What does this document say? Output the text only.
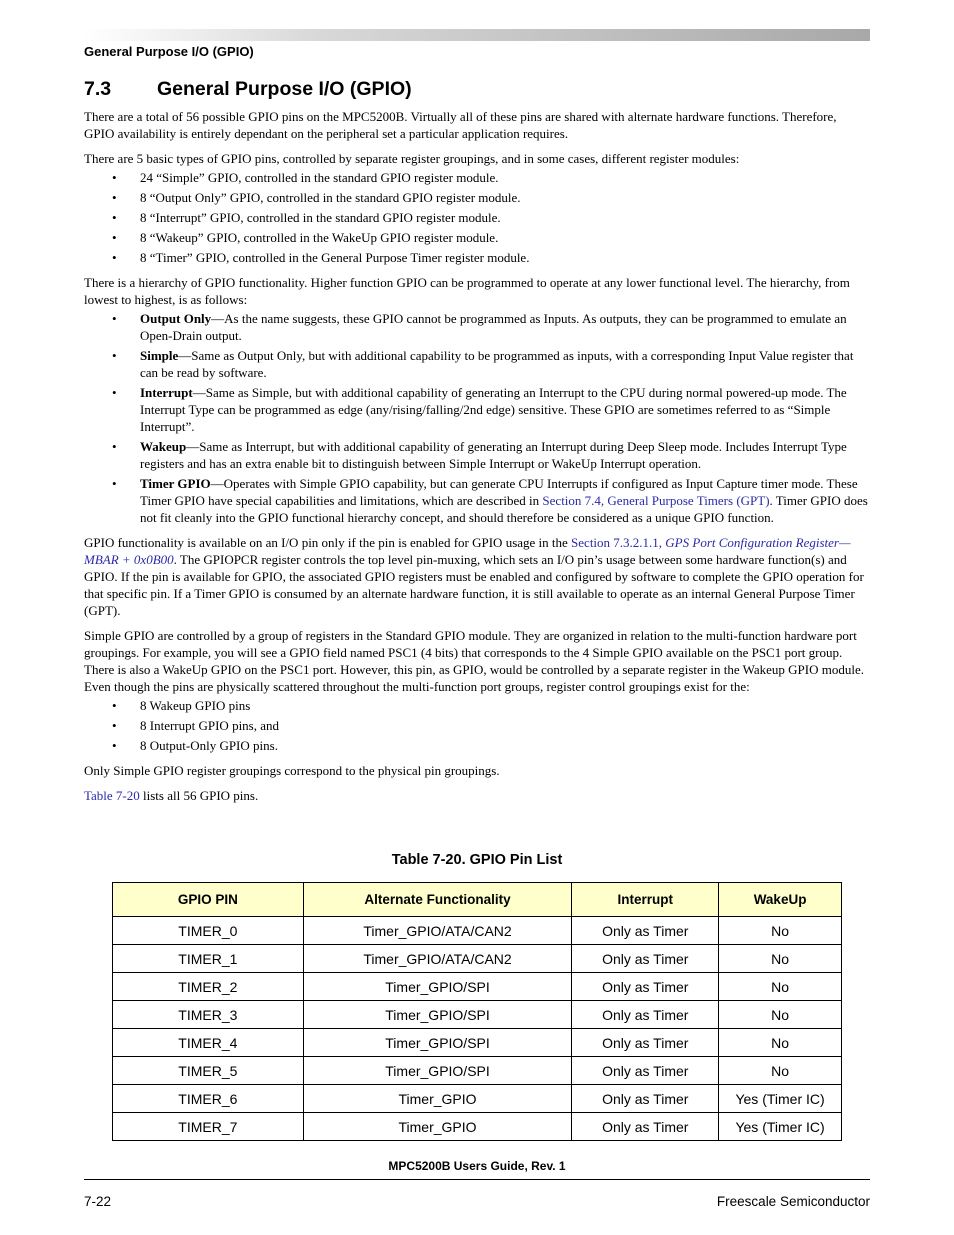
General Purpose I/O (GPIO)
7.3 General Purpose I/O (GPIO)

There are a total of 56 possible GPIO pins on the MPC5200B. Virtually all of these pins are shared with alternate hardware functions. Therefore, GPIO availability is entirely dependant on the peripheral set a particular application requires.

There are 5 basic types of GPIO pins, controlled by separate register groupings, and in some cases, different register modules:

• 24 “Simple” GPIO, controlled in the standard GPIO register module.
• 8 “Output Only” GPIO, controlled in the standard GPIO register module.
• 8 “Interrupt” GPIO, controlled in the standard GPIO register module.
• 8 “Wakeup” GPIO, controlled in the WakeUp GPIO register module.
• 8 “Timer” GPIO, controlled in the General Purpose Timer register module.

There is a hierarchy of GPIO functionality. Higher function GPIO can be programmed to operate at any lower functional level. The hierarchy, from lowest to highest, is as follows:

• Output Only—As the name suggests, these GPIO cannot be programmed as Inputs. As outputs, they can be programmed to emulate an Open-Drain output.
• Simple—Same as Output Only, but with additional capability to be programmed as inputs, with a corresponding Input Value register that can be read by software.
• Interrupt—Same as Simple, but with additional capability of generating an Interrupt to the CPU during normal powered-up mode. The Interrupt Type can be programmed as edge (any/rising/falling/2nd edge) sensitive. These GPIO are sometimes referred to as “Simple Interrupt”.
• Wakeup—Same as Interrupt, but with additional capability of generating an Interrupt during Deep Sleep mode. Includes Interrupt Type registers and has an extra enable bit to distinguish between Simple Interrupt or WakeUp Interrupt operation.
• Timer GPIO—Operates with Simple GPIO capability, but can generate CPU Interrupts if configured as Input Capture timer mode. These Timer GPIO have special capabilities and limitations, which are described in Section 7.4, General Purpose Timers (GPT). Timer GPIO does not fit cleanly into the GPIO functional hierarchy concept, and should therefore be considered as a unique GPIO function.

GPIO functionality is available on an I/O pin only if the pin is enabled for GPIO usage in the Section 7.3.2.1.1, GPS Port Configuration Register—MBAR + 0x0B00. The GPIOPCR register controls the top level pin-muxing, which sets an I/O pin’s usage between some hardware function(s) and GPIO. If the pin is available for GPIO, the associated GPIO registers must be enabled and configured by software to complete the GPIO operation for that specific pin. If a Timer GPIO is consumed by an alternate hardware function, it is still available to operate as an internal General Purpose Timer (GPT).

Simple GPIO are controlled by a group of registers in the Standard GPIO module. They are organized in relation to the multi-function hardware port groupings. For example, you will see a GPIO field named PSC1 (4 bits) that corresponds to the 4 Simple GPIO available on the PSC1 port group. There is also a WakeUp GPIO on the PSC1 port. However, this pin, as GPIO, would be controlled by a separate register in the Wakeup GPIO module. Even though the pins are physically scattered throughout the multi-function port groups, register control groupings exist for the:

• 8 Wakeup GPIO pins
• 8 Interrupt GPIO pins, and
• 8 Output-Only GPIO pins.

Only Simple GPIO register groupings correspond to the physical pin groupings.

Table 7-20 lists all 56 GPIO pins.

Table 7-20. GPIO Pin List
GPIO PIN	Alternate Functionality	Interrupt	WakeUp
TIMER_0	Timer_GPIO/ATA/CAN2	Only as Timer	No
TIMER_1	Timer_GPIO/ATA/CAN2	Only as Timer	No
TIMER_2	Timer_GPIO/SPI	Only as Timer	No
TIMER_3	Timer_GPIO/SPI	Only as Timer	No
TIMER_4	Timer_GPIO/SPI	Only as Timer	No
TIMER_5	Timer_GPIO/SPI	Only as Timer	No
TIMER_6	Timer_GPIO	Only as Timer	Yes (Timer IC)
TIMER_7	Timer_GPIO	Only as Timer	Yes (Timer IC)
MPC5200B Users Guide, Rev. 1
7-22	Freescale Semiconductor
